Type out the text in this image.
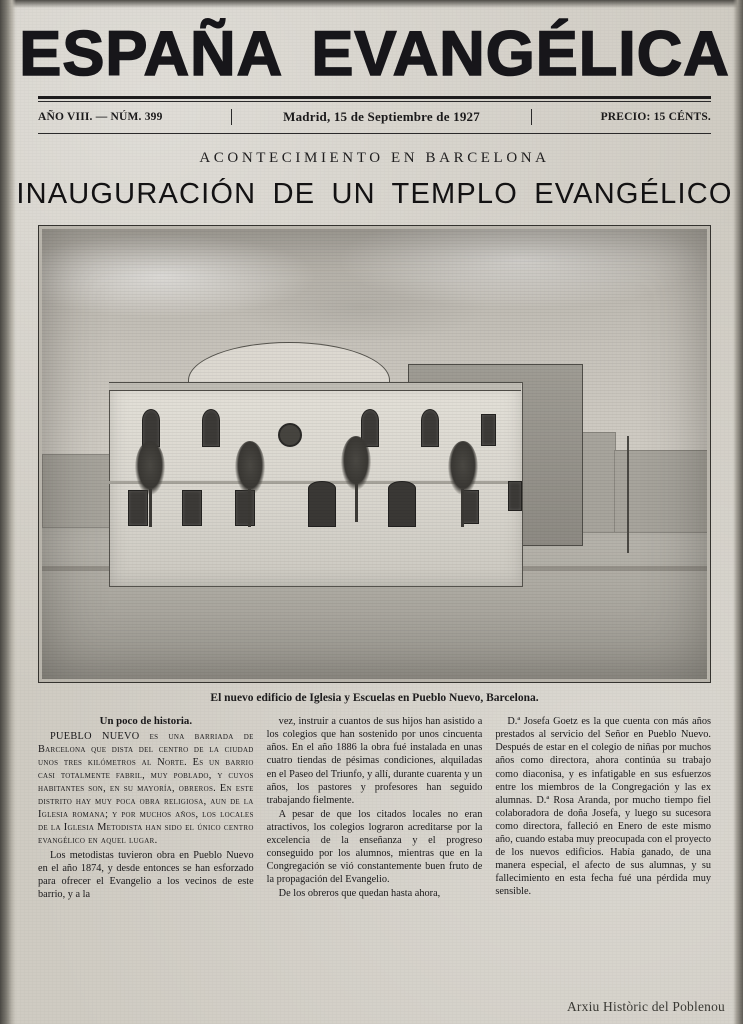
ESPAÑA EVANGÉLICA
AÑO VIII. — NÚM. 399	Madrid, 15 de Septiembre de 1927	PRECIO: 15 CÉNTS.
ACONTECIMIENTO EN BARCELONA
INAUGURACIÓN DE UN TEMPLO EVANGÉLICO
El nuevo edificio de Iglesia y Escuelas en Pueblo Nuevo, Barcelona.

Un poco de historia.

PUEBLO NUEVO es una barriada de Barcelona que dista del centro de la ciudad unos tres kilómetros al Norte. Es un barrio casi totalmente fabril, muy poblado, y cuyos habitantes son, en su mayoría, obreros. En este distrito hay muy poca obra religiosa, aun de la Iglesia romana; y por muchos años, los locales de la Iglesia Metodista han sido el único centro evangélico en aquel lugar.

Los metodistas tuvieron obra en Pueblo Nuevo en el año 1874, y desde entonces se han esforzado para ofrecer el Evangelio a los vecinos de este barrio, y a la

vez, instruir a cuantos de sus hijos han asistido a los colegios que han sostenido por unos cincuenta años. En el año 1886 la obra fué instalada en unas cuatro tiendas de pésimas condiciones, alquiladas en el Paseo del Triunfo, y allí, durante cuarenta y un años, los pastores y profesores han seguido trabajando fielmente.

A pesar de que los citados locales no eran atractivos, los colegios lograron acreditarse por la excelencia de la enseñanza y el progreso conseguido por los alumnos, mientras que en la Congregación se vió constantemente buen fruto de la propagación del Evangelio.

De los obreros que quedan hasta ahora,

D.ª Josefa Goetz es la que cuenta con más años prestados al servicio del Señor en Pueblo Nuevo. Después de estar en el colegio de niñas por muchos años como directora, ahora continúa su trabajo como diaconisa, y es infatigable en sus esfuerzos entre los miembros de la Congregación y las ex alumnas. D.ª Rosa Aranda, por mucho tiempo fiel colaboradora de doña Josefa, y luego su sucesora como directora, falleció en Enero de este mismo año, cuando estaba muy preocupada con el proyecto de los nuevos edificios. Había ganado, de una manera especial, el afecto de sus alumnas, y su fallecimiento en esta fecha fué una pérdida muy sensible.

Arxiu Històric del Poblenou
